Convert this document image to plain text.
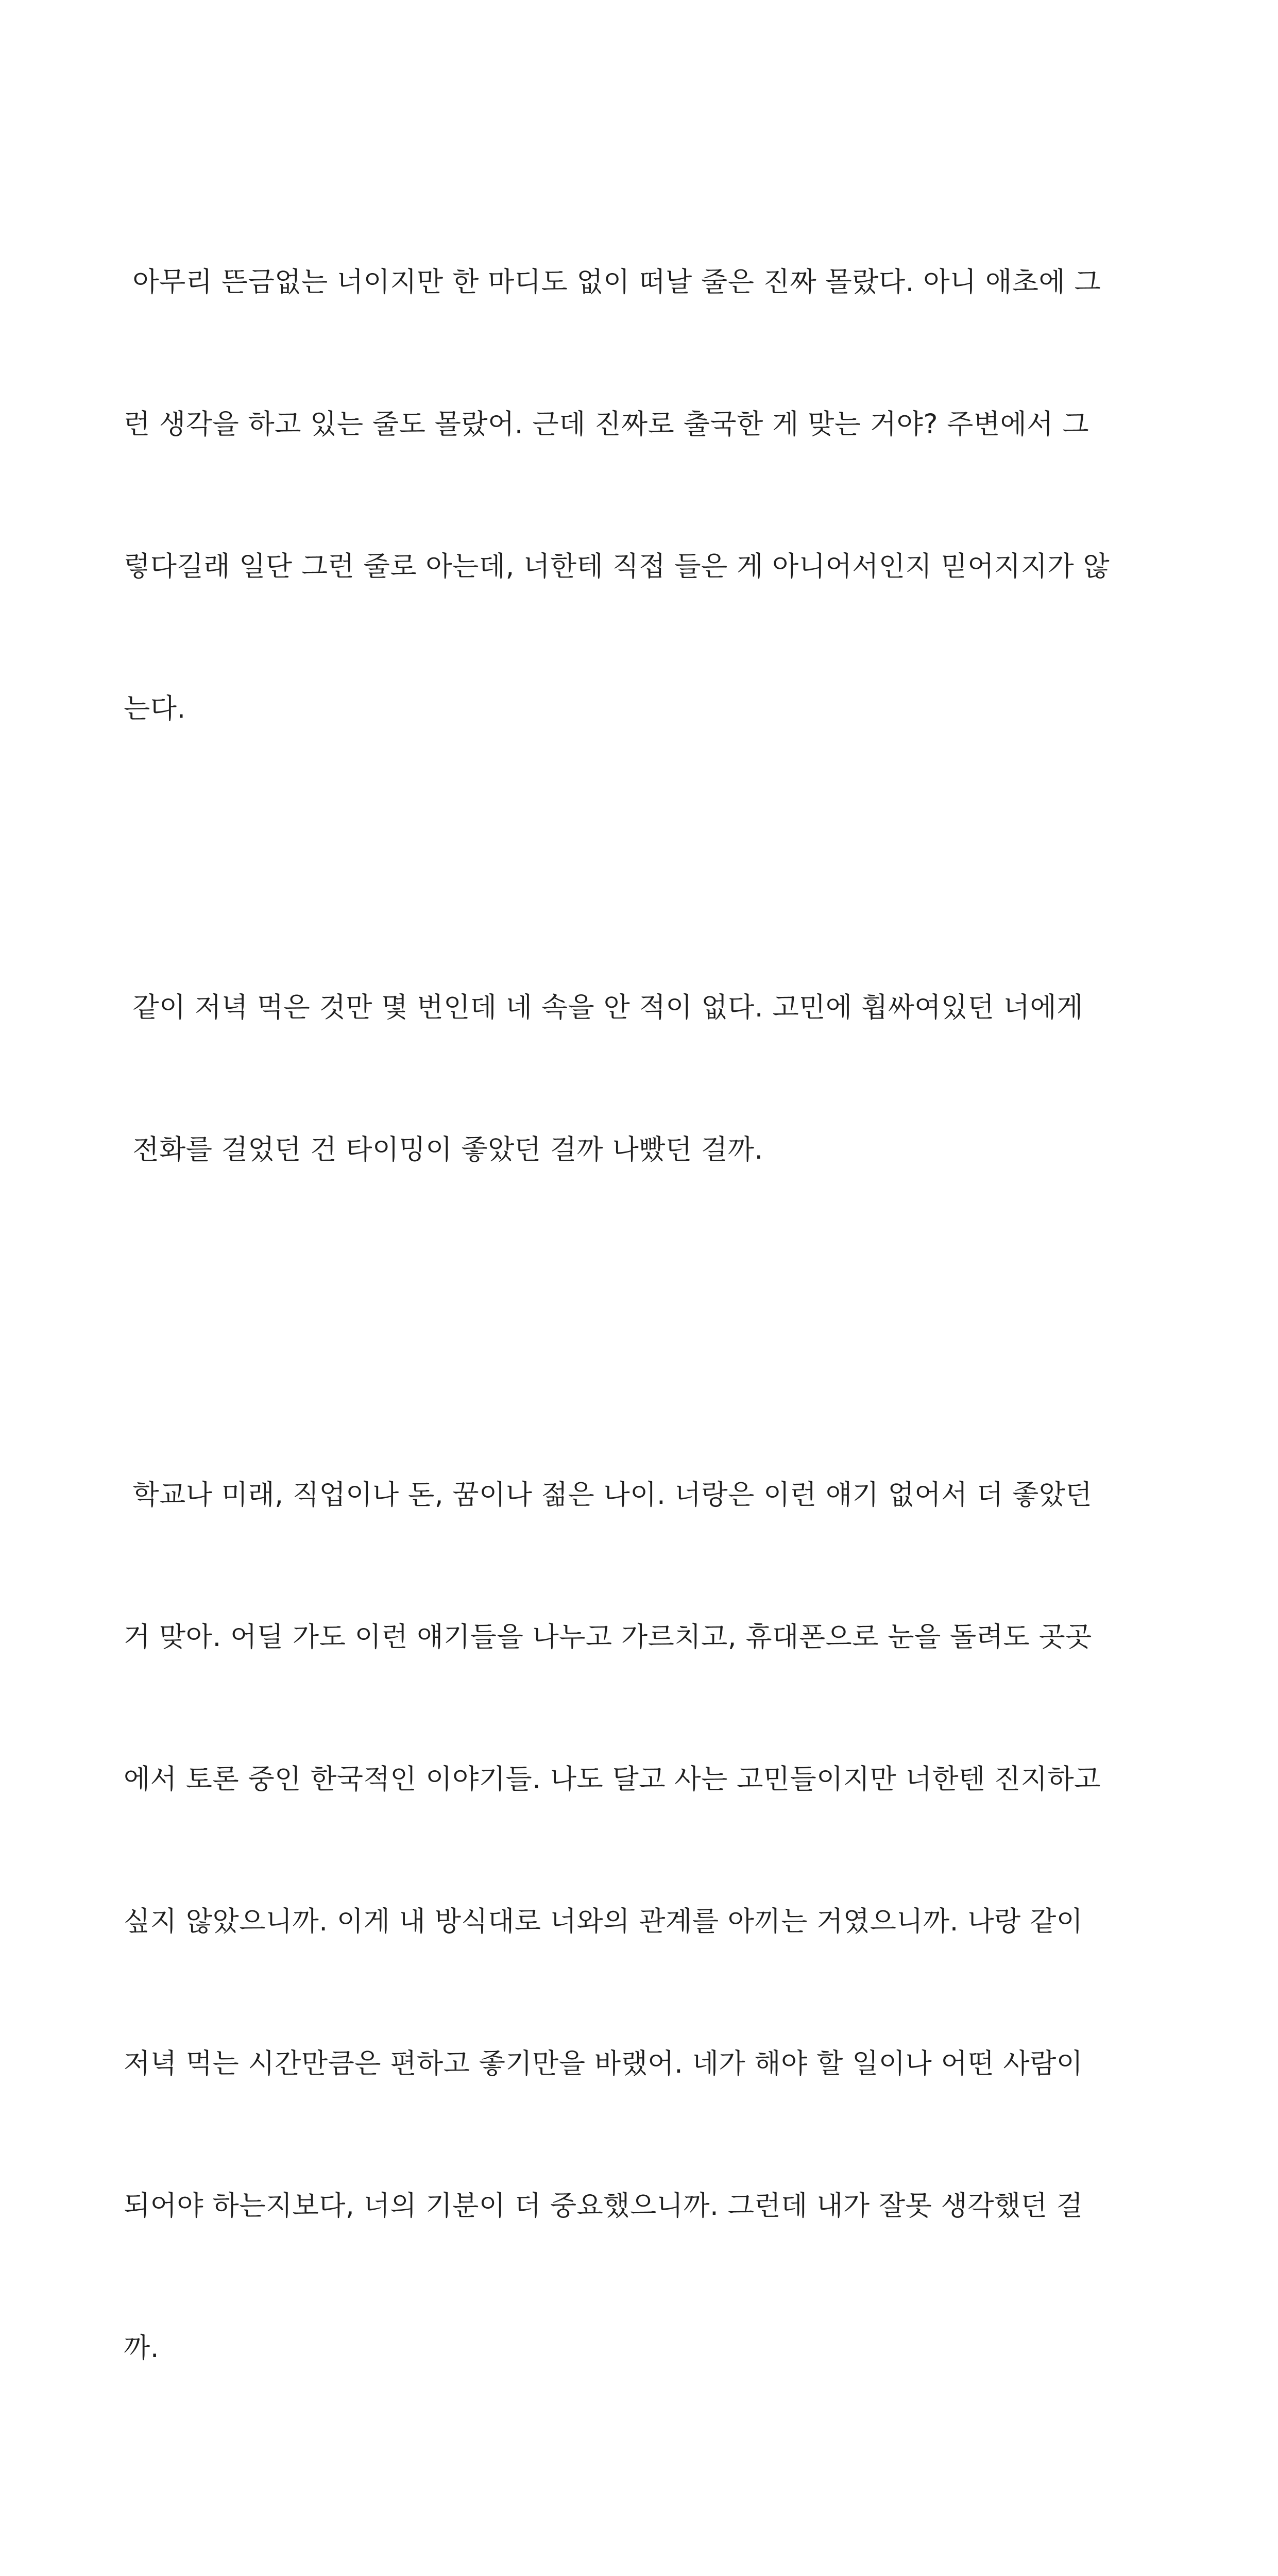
아무리 뜬금없는 너이지만 한 마디도 없이 떠날 줄은 진짜 몰랐다. 아니 애초에 그

런 생각을 하고 있는 줄도 몰랐어. 근데 진짜로 출국한 게 맞는 거야? 주변에서 그

렇다길래 일단 그런 줄로 아는데, 너한테 직접 들은 게 아니어서인지 믿어지지가 않

는다.

같이 저녁 먹은 것만 몇 번인데 네 속을 안 적이 없다. 고민에 휩싸여있던 너에게

전화를 걸었던 건 타이밍이 좋았던 걸까 나빴던 걸까.

학교나 미래, 직업이나 돈, 꿈이나 젊은 나이. 너랑은 이런 얘기 없어서 더 좋았던

거 맞아. 어딜 가도 이런 얘기들을 나누고 가르치고, 휴대폰으로 눈을 돌려도 곳곳

에서 토론 중인 한국적인 이야기들. 나도 달고 사는 고민들이지만 너한텐 진지하고

싶지 않았으니까. 이게 내 방식대로 너와의 관계를 아끼는 거였으니까. 나랑 같이

저녁 먹는 시간만큼은 편하고 좋기만을 바랬어. 네가 해야 할 일이나 어떤 사람이

되어야 하는지보다, 너의 기분이 더 중요했으니까. 그런데 내가 잘못 생각했던 걸

까.
